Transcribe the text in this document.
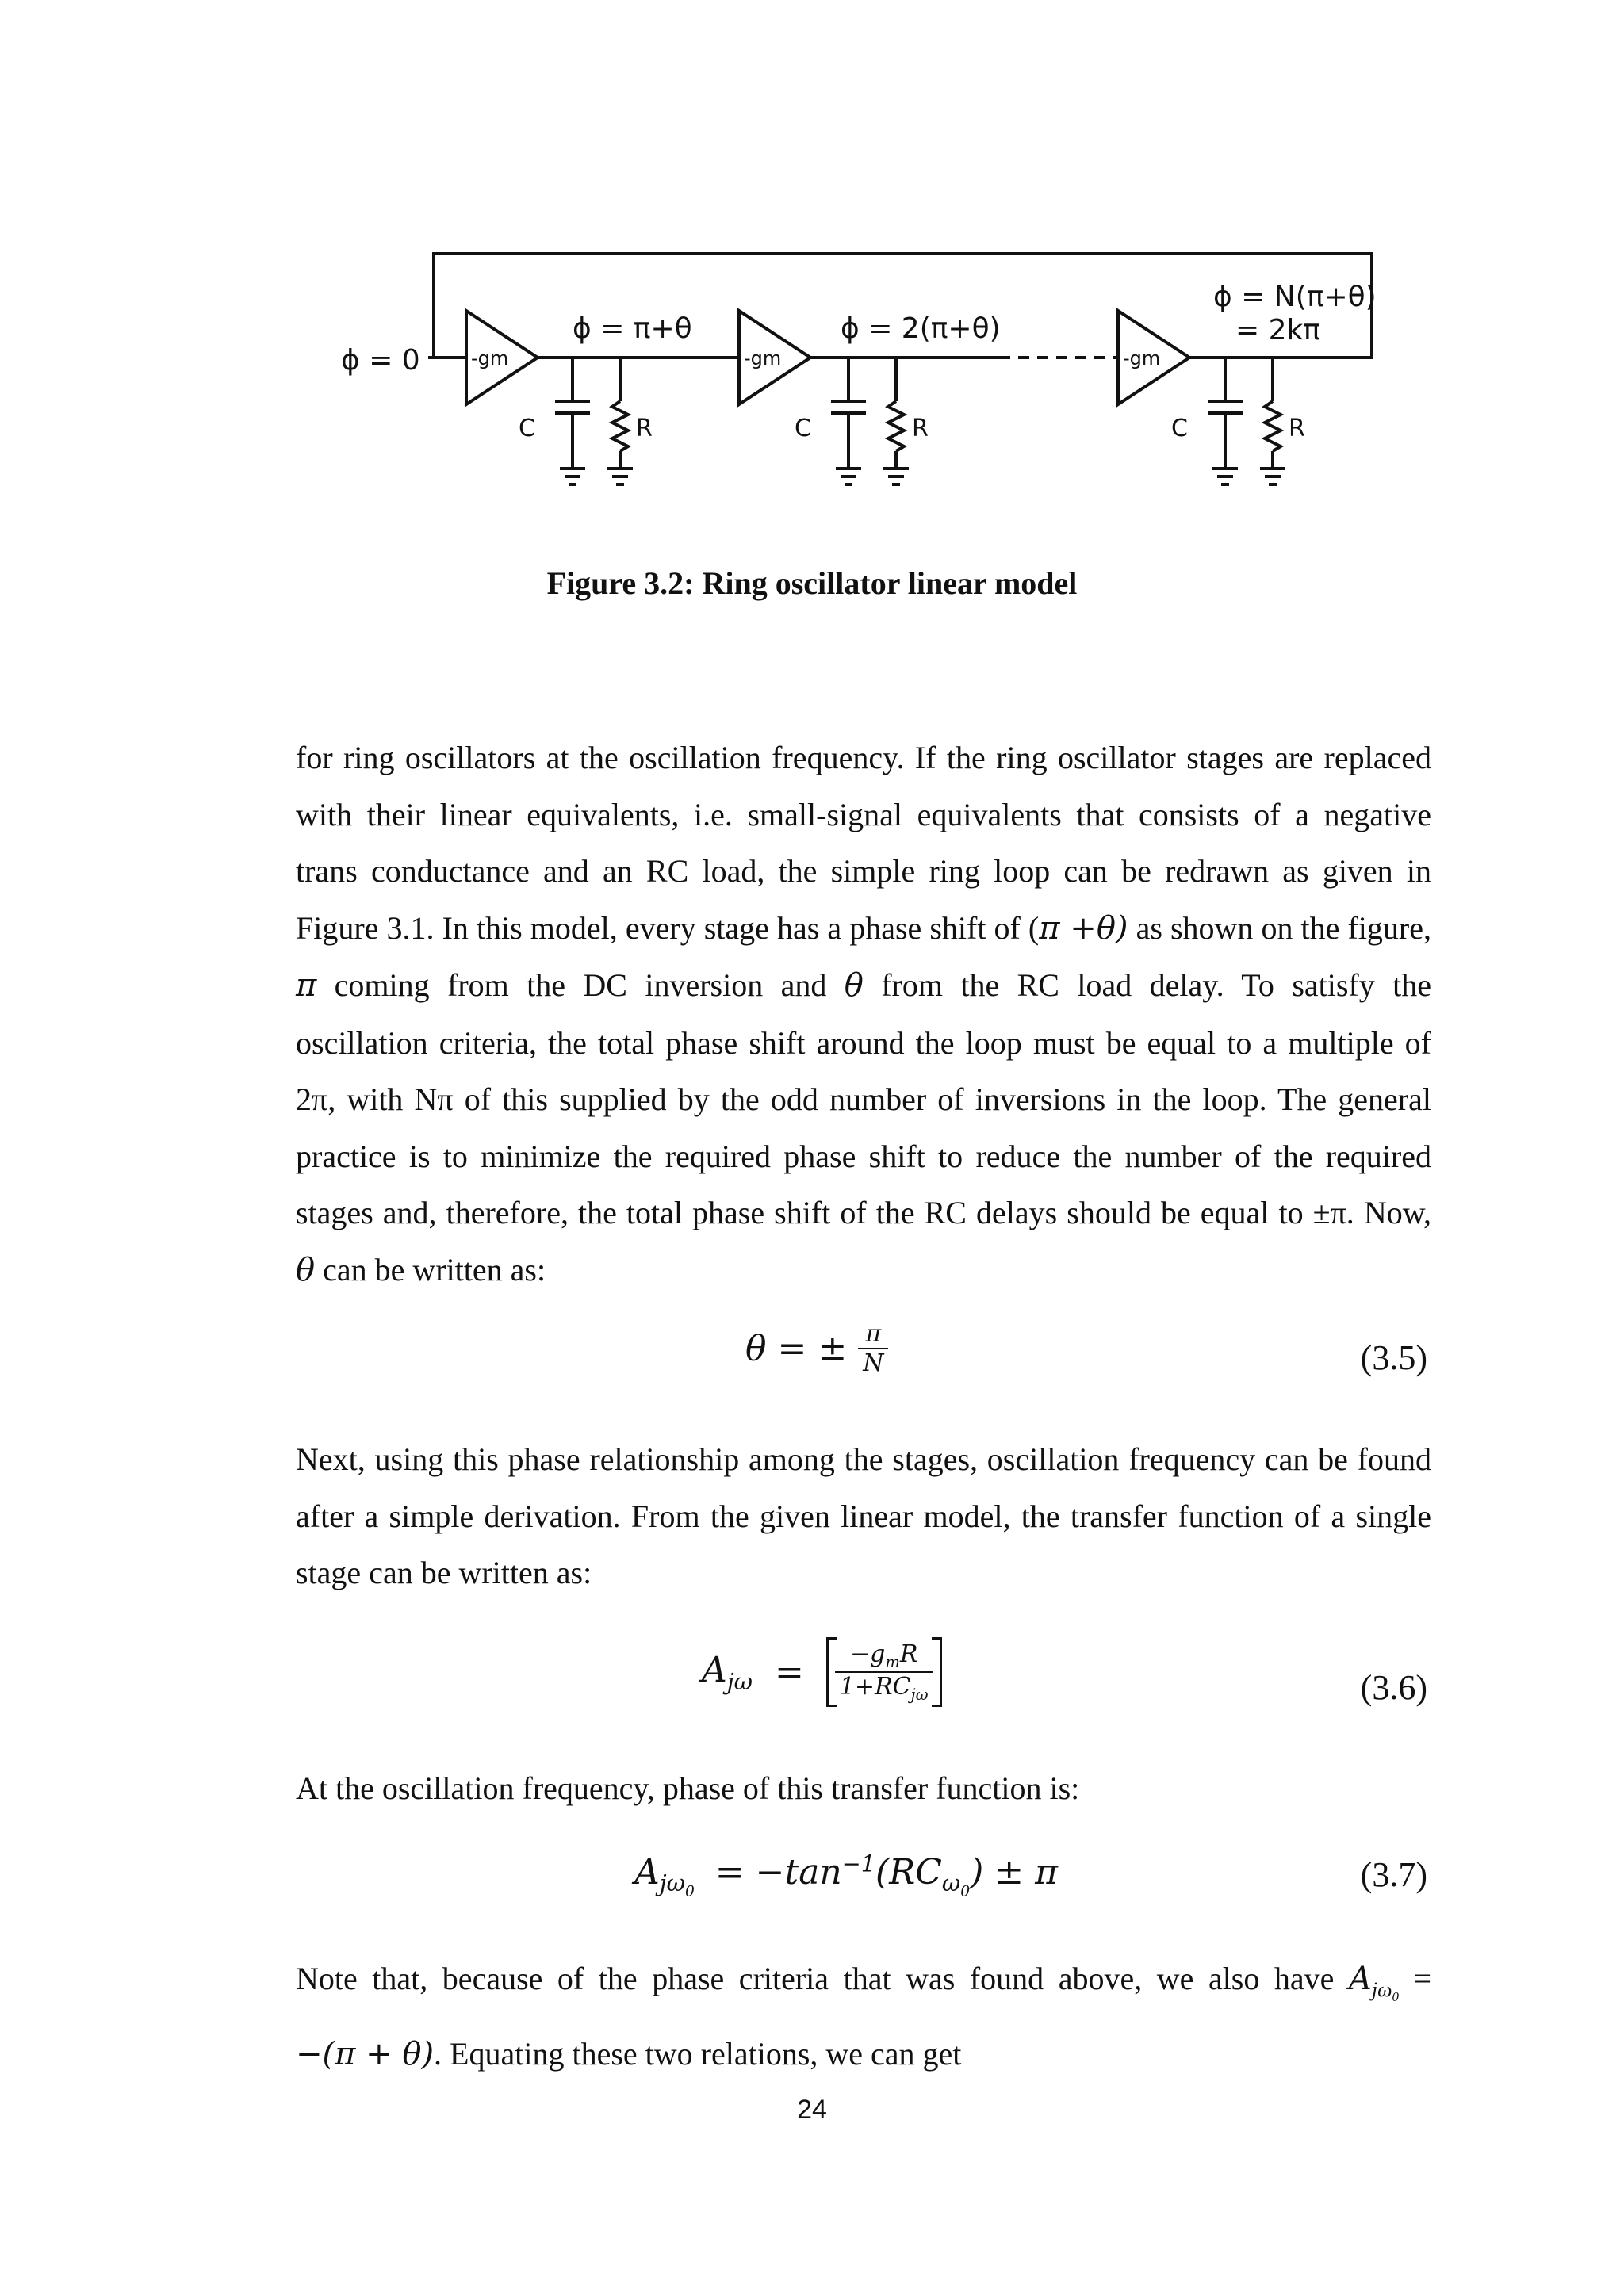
ϕ = 0
ϕ = π+θ	ϕ = 2(π+θ)
ϕ = N(π+θ)
= 2kπ
-gm	-gm	-gm
C	R	C	R	C	R
Figure 3.2: Ring oscillator linear model
for ring oscillators at the oscillation frequency. If the ring oscillator stages are replaced
with their linear equivalents, i.e. small-signal equivalents that consists of a negative
trans conductance and an RC load, the simple ring loop can be redrawn as given in
Figure 3.1. In this model, every stage has a phase shift of (π +θ) as shown on the figure,
π coming from the DC inversion and θ from the RC load delay. To satisfy the
oscillation criteria, the total phase shift around the loop must be equal to a multiple of
2π, with Nπ of this supplied by the odd number of inversions in the loop. The general
practice is to minimize the required phase shift to reduce the number of the required
stages and, therefore, the total phase shift of the RC delays should be equal to ±π. Now,
θ can be written as:
θ = ± $\frac{\pi}{N}$	(3.5)
Next, using this phase relationship among the stages, oscillation frequency can be found
after a simple derivation. From the given linear model, the transfer function of a single
stage can be written as:
$A_{j\omega} = \frac{-g_mR}{1+RC_{j\omega}}$	(3.6)
At the oscillation frequency, phase of this transfer function is:
$A_{j\omega_0} = -\tan^{-1}(RC_{\omega_0}) \pm \pi$	(3.7)
Note that, because of the phase criteria that was found above, we also have $A_{j\omega_0}$ =
−(π + θ). Equating these two relations, we can get
24
